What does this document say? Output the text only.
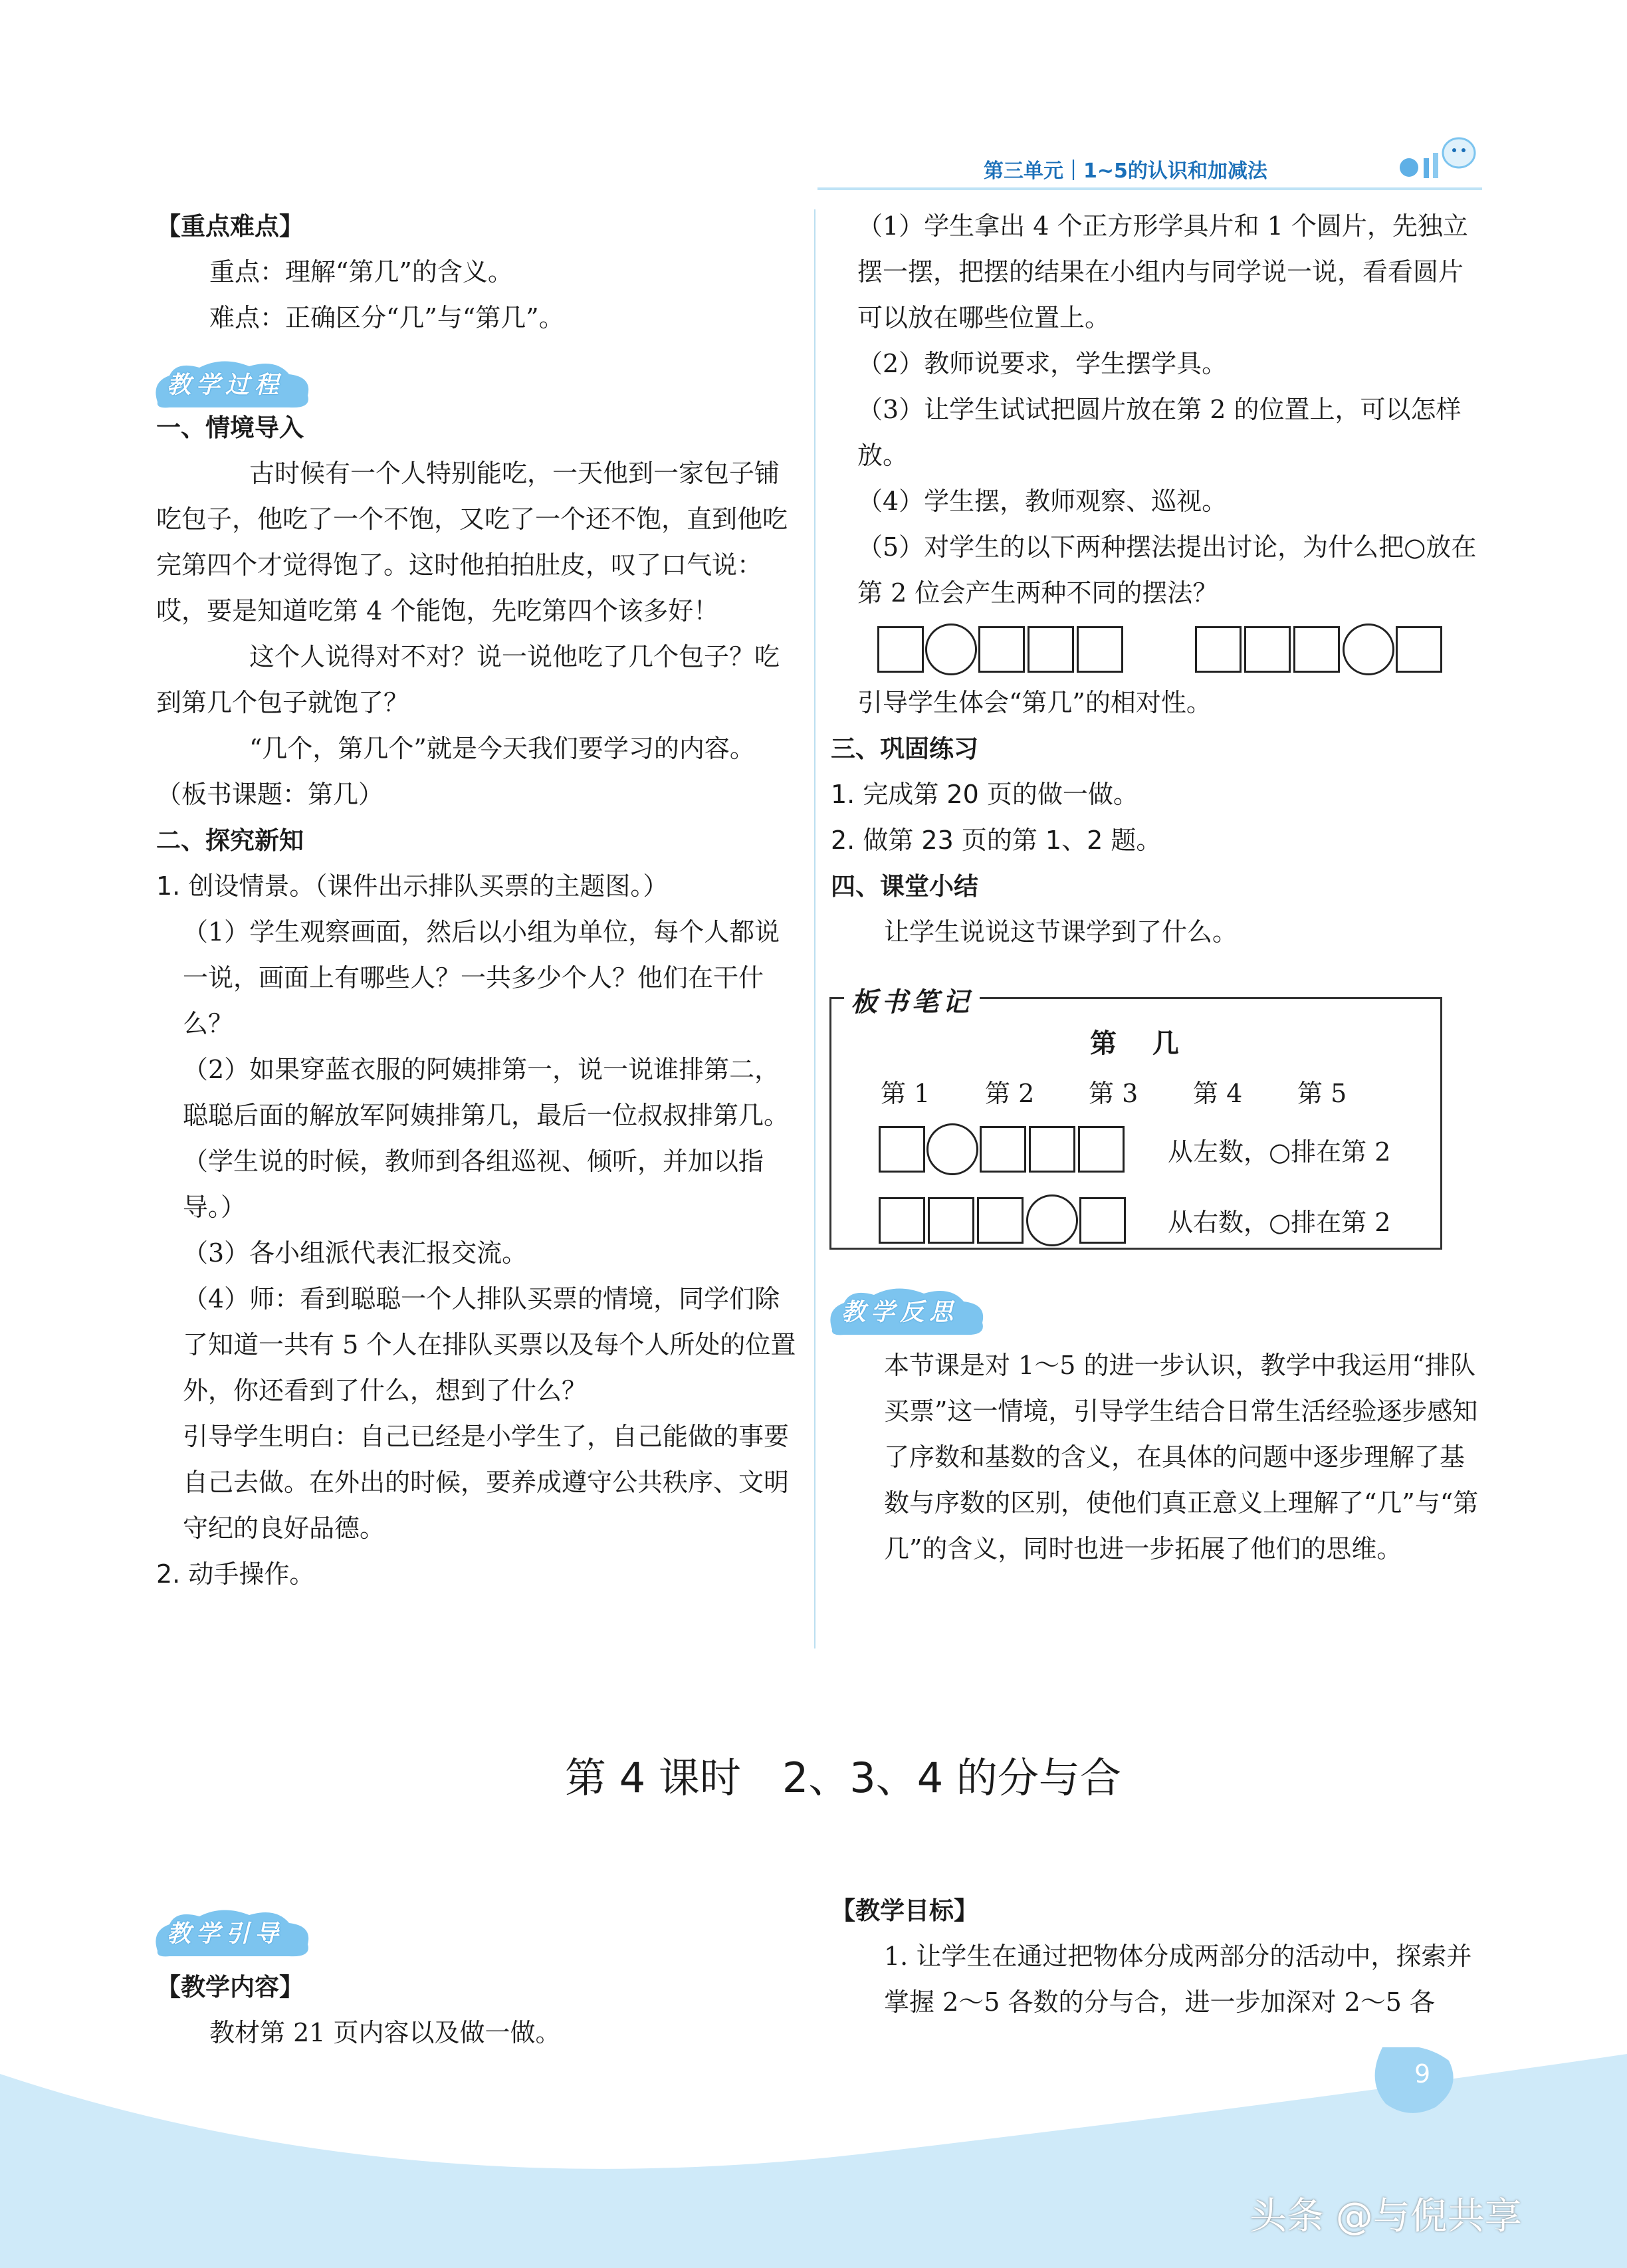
第三单元｜1~5的认识和加减法

【重点难点】

重点：理解“第几”的含义。

难点：正确区分“几”与“第几”。

一、情境导入

古时候有一个人特别能吃，一天他到一家包子铺吃包子，他吃了一个不饱，又吃了一个还不饱，直到他吃完第四个才觉得饱了。这时他拍拍肚皮，叹了口气说：哎，要是知道吃第 4 个能饱，先吃第四个该多好！

这个人说得对不对？说一说他吃了几个包子？吃到第几个包子就饱了？

“几个，第几个”就是今天我们要学习的内容。

（板书课题：第几）

二、探究新知

1. 创设情景。（课件出示排队买票的主题图。）

（1）学生观察画面，然后以小组为单位，每个人都说一说，画面上有哪些人？一共多少个人？他们在干什么？

（2）如果穿蓝衣服的阿姨排第一，说一说谁排第二，聪聪后面的解放军阿姨排第几，最后一位叔叔排第几。（学生说的时候，教师到各组巡视、倾听，并加以指导。）

（3）各小组派代表汇报交流。

（4）师：看到聪聪一个人排队买票的情境，同学们除了知道一共有 5 个人在排队买票以及每个人所处的位置外，你还看到了什么，想到了什么？

引导学生明白：自己已经是小学生了，自己能做的事要自己去做。在外出的时候，要养成遵守公共秩序、文明守纪的良好品德。

2. 动手操作。

教学过程

（1）学生拿出 4 个正方形学具片和 1 个圆片，先独立摆一摆，把摆的结果在小组内与同学说一说，看看圆片可以放在哪些位置上。

（2）教师说要求，学生摆学具。

（3）让学生试试把圆片放在第 2 的位置上，可以怎样放。

（4）学生摆，教师观察、巡视。

（5）对学生的以下两种摆法提出讨论，为什么把○放在第 2 位会产生两种不同的摆法？

引导学生体会“第几”的相对性。

三、巩固练习

1. 完成第 20 页的做一做。

2. 做第 23 页的第 1、2 题。

四、课堂小结

让学生说说这节课学到了什么。

板书笔记
第 几
第 1 第 2 第 3 第 4 第 5
从左数，○排在第 2
从右数，○排在第 2
教学反思

本节课是对 1～5 的进一步认识，教学中我运用“排队买票”这一情境，引导学生结合日常生活经验逐步感知了序数和基数的含义，在具体的问题中逐步理解了基数与序数的区别，使他们真正意义上理解了“几”与“第几”的含义，同时也进一步拓展了他们的思维。

第 4 课时　2、3、4 的分与合
教学引导

【教学内容】

教材第 21 页内容以及做一做。

【教学目标】

1. 让学生在通过把物体分成两部分的活动中，探索并掌握 2～5 各数的分与合，进一步加深对 2～5 各

9
头条 @与倪共享
